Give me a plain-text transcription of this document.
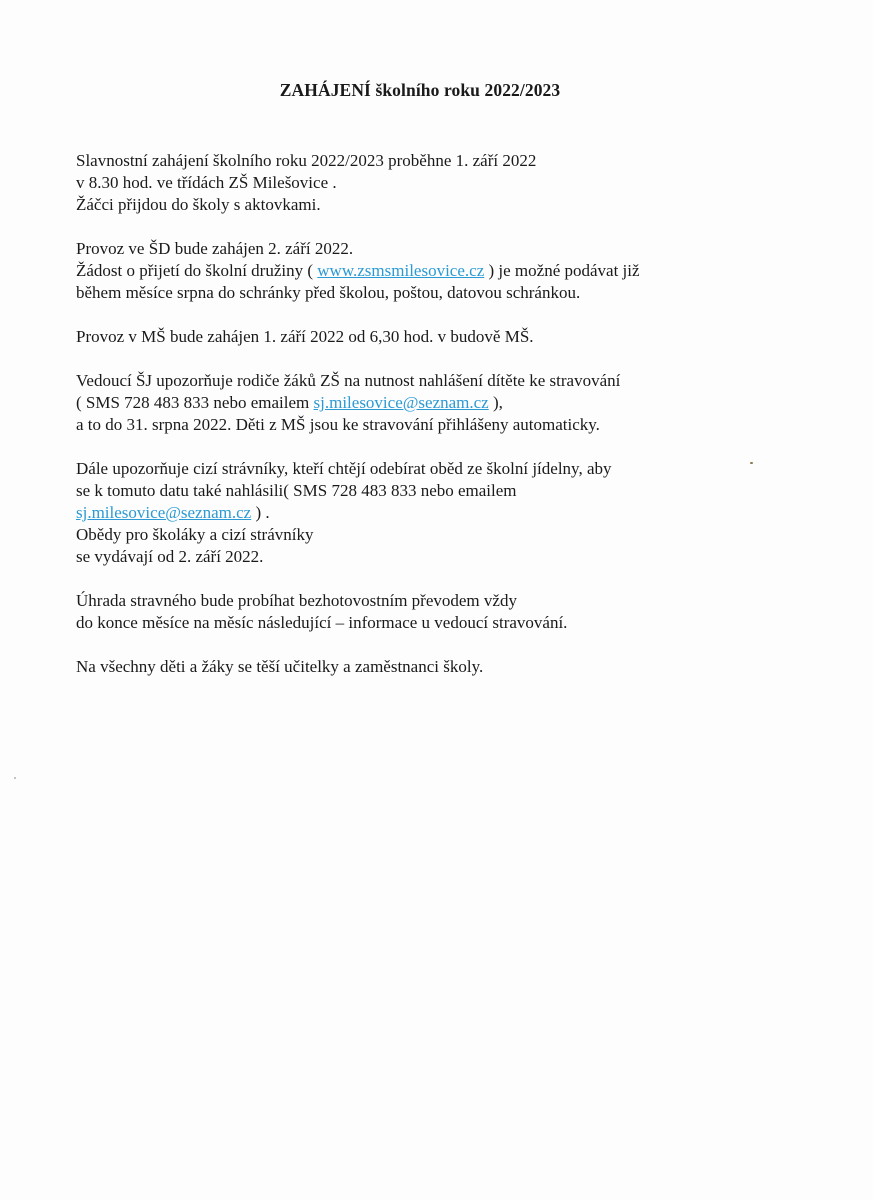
ZAHÁJENÍ školního roku 2022/2023
Slavnostní zahájení školního roku 2022/2023 proběhne 1. září 2022
v 8.30 hod. ve třídách ZŠ Milešovice .
Žáčci přijdou do školy s aktovkami.
Provoz ve ŠD bude zahájen 2. září 2022.
Žádost o přijetí do školní družiny ( www.zsmsmilesovice.cz ) je možné podávat již
během měsíce srpna do schránky před školou, poštou, datovou schránkou.
Provoz v MŠ bude zahájen 1. září 2022 od 6,30 hod. v budově MŠ.
Vedoucí ŠJ upozorňuje rodiče žáků ZŠ na nutnost nahlášení dítěte ke stravování
( SMS 728 483 833 nebo emailem sj.milesovice@seznam.cz ),
a to do 31. srpna 2022. Děti z MŠ jsou ke stravování přihlášeny automaticky.
Dále upozorňuje cizí strávníky, kteří chtějí odebírat oběd ze školní jídelny, aby
se k tomuto datu také nahlásili( SMS 728 483 833 nebo emailem
sj.milesovice@seznam.cz ) .
Obědy pro školáky a cizí strávníky
se vydávají od 2. září 2022.
Úhrada stravného bude probíhat bezhotovostním převodem vždy
do konce měsíce na měsíc následující – informace u vedoucí stravování.
Na všechny děti a žáky se těší učitelky a zaměstnanci školy.
